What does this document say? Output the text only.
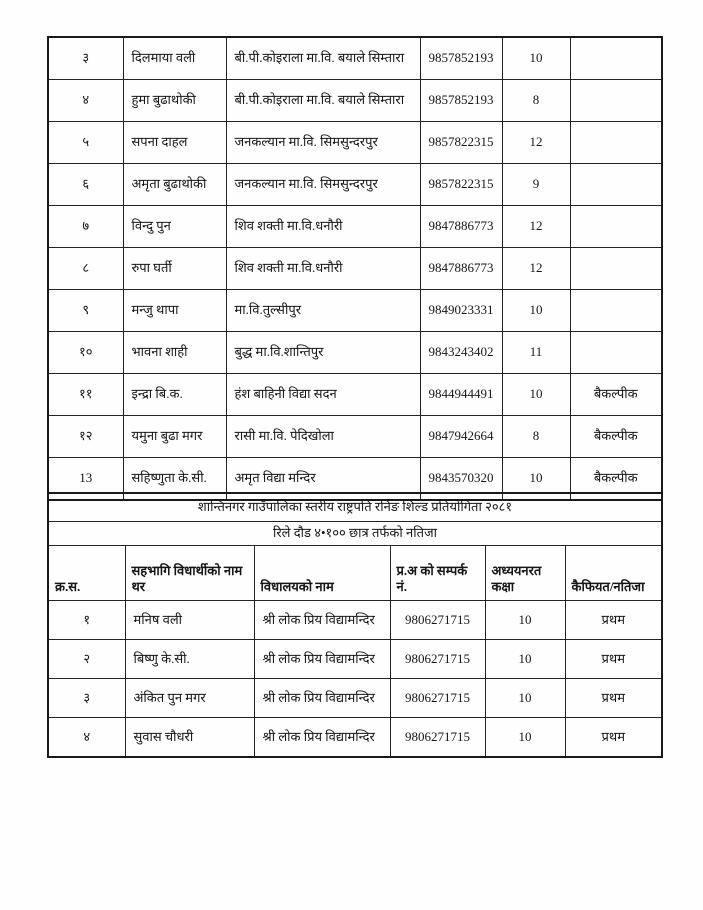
३	दिलमाया वली	बी.पी.कोइराला मा.वि. बयाले सिम्तारा	9857852193	10	
४	हुमा बुढाथोकी	बी.पी.कोइराला मा.वि. बयाले सिम्तारा	9857852193	8	
५	सपना दाहल	जनकल्यान मा.वि. सिमसुन्दरपुर	9857822315	12	
६	अमृता बुढाथोकी	जनकल्यान मा.वि. सिमसुन्दरपुर	9857822315	9	
७	विन्दु पुन	शिव शक्ती मा.वि.धनौरी	9847886773	12	
८	रुपा घर्ती	शिव शक्ती मा.वि.धनौरी	9847886773	12	
९	मन्जु थापा	मा.वि.तुल्सीपुर	9849023331	10	
१०	भावना शाही	बुद्ध मा.वि.शान्तिपुर	9843243402	11	
११	इन्द्रा बि.क.	हंश बाहिनी विद्या सदन	9844944491	10	बैकल्पीक
१२	यमुना बुढा मगर	रासी मा.वि. पेदिखोला	9847942664	8	बैकल्पीक
13	सहिष्णुता के.सी.	अमृत विद्या मन्दिर	9843570320	10	बैकल्पीक
शान्तिनगर गाउँपालिका स्तरीय राष्ट्रपति रनिङ शिल्ड प्रतियोगिता २०८१					
रिले दौड ४•१०० छात्र तर्फको नतिजा					
क्र.स.	सहभागि विधार्थीको नाम थर	विधालयको नाम	प्र.अ को सम्पर्क नं.	अध्ययनरत कक्षा	कैफियत/नतिजा
१	मनिष वली	श्री लोक प्रिय विद्यामन्दिर	9806271715	10	प्रथम
२	बिष्णु के.सी.	श्री लोक प्रिय विद्यामन्दिर	9806271715	10	प्रथम
३	अंकित पुन मगर	श्री लोक प्रिय विद्यामन्दिर	9806271715	10	प्रथम
४	सुवास चौधरी	श्री लोक प्रिय विद्यामन्दिर	9806271715	10	प्रथम
